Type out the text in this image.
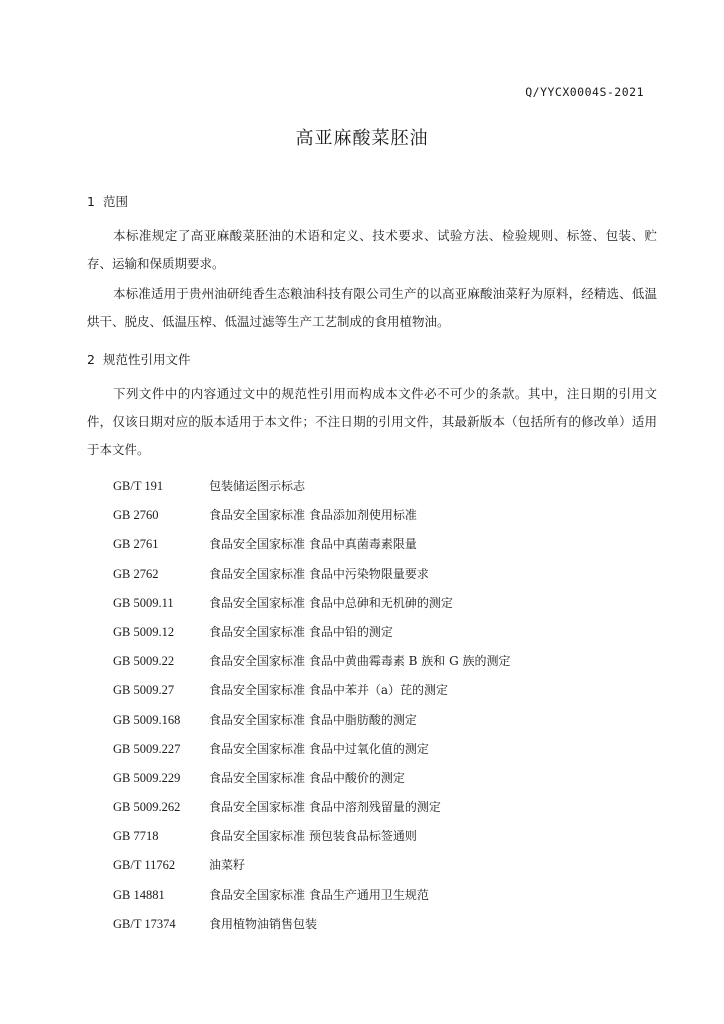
Q/YYCX0004S-2021
高亚麻酸菜胚油
1 范围
本标准规定了高亚麻酸菜胚油的术语和定义、技术要求、试验方法、检验规则、标签、包装、贮存、运输和保质期要求。
本标准适用于贵州油研纯香生态粮油科技有限公司生产的以高亚麻酸油菜籽为原料，经精选、低温烘干、脱皮、低温压榨、低温过滤等生产工艺制成的食用植物油。
2 规范性引用文件
下列文件中的内容通过文中的规范性引用而构成本文件必不可少的条款。其中，注日期的引用文件，仅该日期对应的版本适用于本文件；不注日期的引用文件，其最新版本（包括所有的修改单）适用于本文件。
GB/T 191	包装储运图示标志
GB 2760	食品安全国家标准 食品添加剂使用标准
GB 2761	食品安全国家标准 食品中真菌毒素限量
GB 2762	食品安全国家标准 食品中污染物限量要求
GB 5009.11	食品安全国家标准 食品中总砷和无机砷的测定
GB 5009.12	食品安全国家标准 食品中铅的测定
GB 5009.22	食品安全国家标准 食品中黄曲霉毒素 B 族和 G 族的测定
GB 5009.27	食品安全国家标准 食品中苯并（a）芘的测定
GB 5009.168	食品安全国家标准 食品中脂肪酸的测定
GB 5009.227	食品安全国家标准 食品中过氧化值的测定
GB 5009.229	食品安全国家标准 食品中酸价的测定
GB 5009.262	食品安全国家标准 食品中溶剂残留量的测定
GB 7718	食品安全国家标准 预包装食品标签通则
GB/T 11762	油菜籽
GB 14881	食品安全国家标准 食品生产通用卫生规范
GB/T 17374	食用植物油销售包装
